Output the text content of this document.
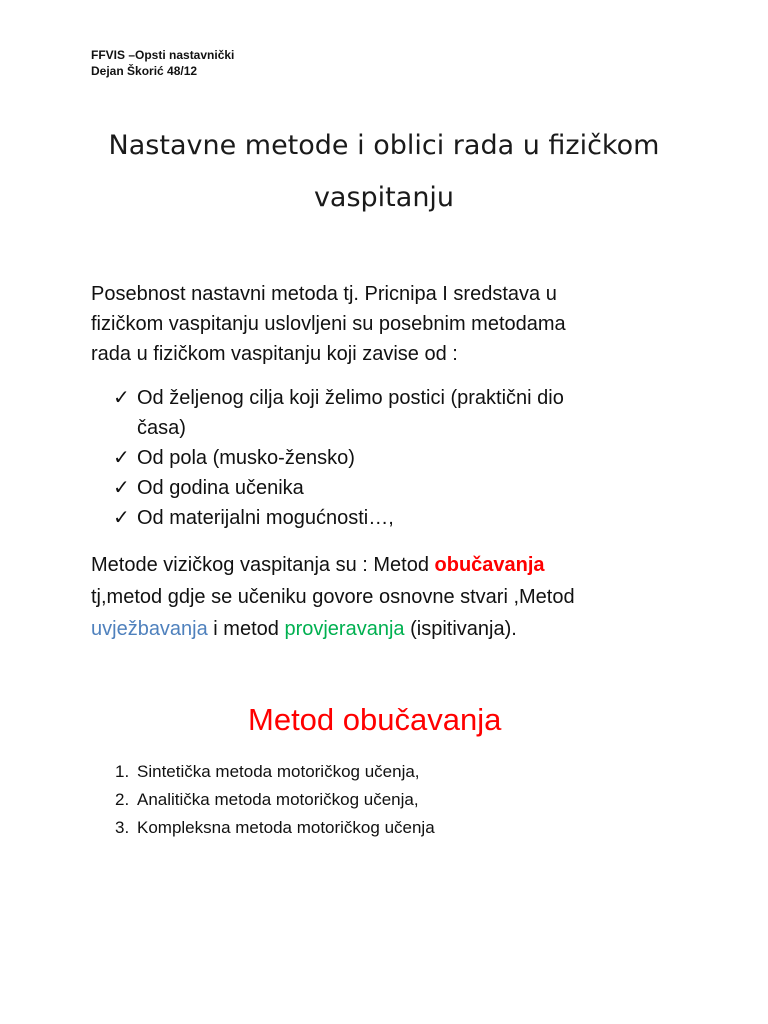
FFVIS –Opsti nastavnički
Dejan Škorić 48/12
Nastavne metode i oblici rada u fizičkom
vaspitanju
Posebnost nastavni metoda tj. Pricnipa I sredstava u
fizičkom vaspitanju uslovljeni su posebnim metodama
rada u fizičkom vaspitanju koji zavise od :
✓ Od željenog cilja koji želimo postici (praktični dio
časa)
✓ Od pola (musko-žensko)
✓ Od godina učenika
✓ Od materijalni mogućnosti…,
Metode vizičkog vaspitanja su : Metod obučavanja
tj,metod gdje se učeniku govore osnovne stvari ,Metod
uvježbavanja i metod provjeravanja (ispitivanja).
Metod obučavanja
1. Sintetička metoda motoričkog učenja,
2. Analitička metoda motoričkog učenja,
3. Kompleksna metoda motoričkog učenja
